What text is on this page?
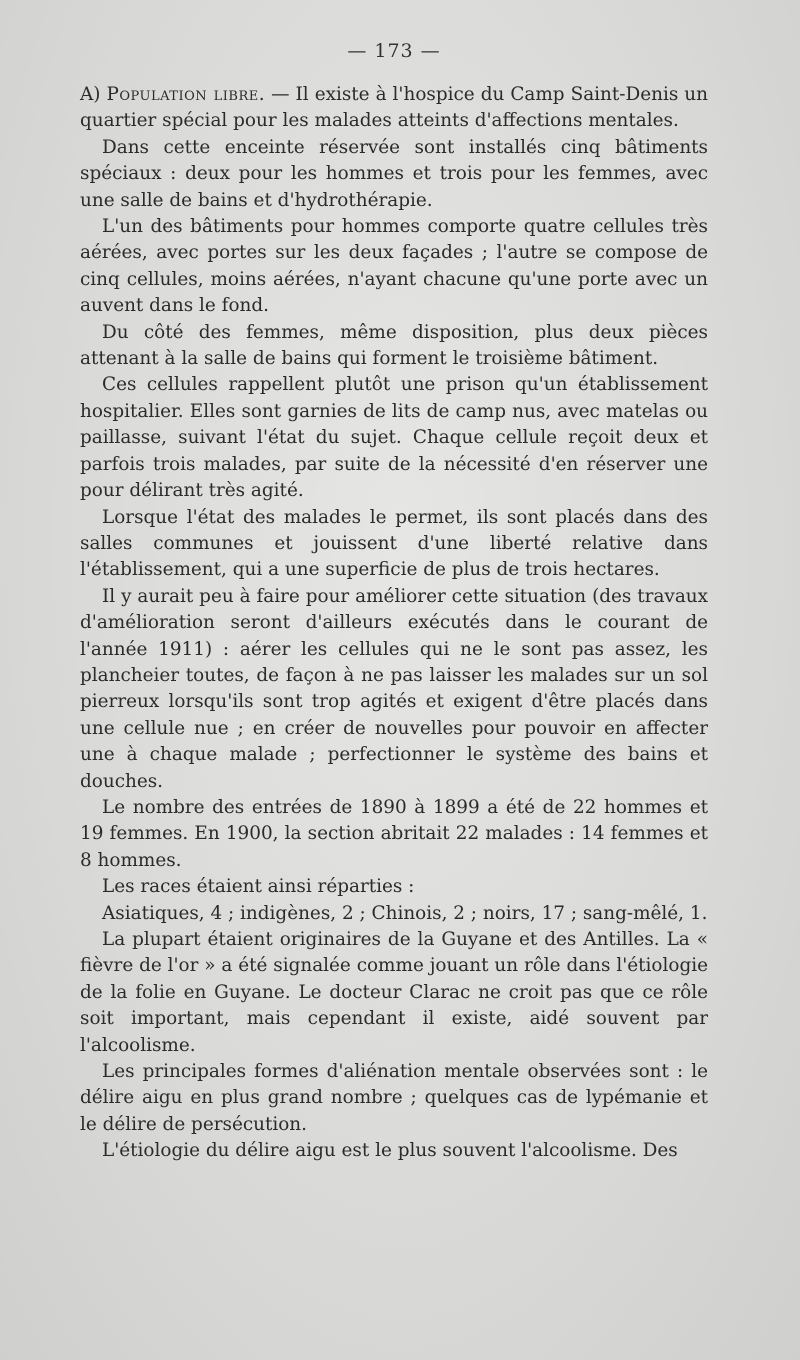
— 173 —

A) Population libre. — Il existe à l'hospice du Camp Saint-Denis un quartier spécial pour les malades atteints d'affections mentales.

Dans cette enceinte réservée sont installés cinq bâtiments spéciaux : deux pour les hommes et trois pour les femmes, avec une salle de bains et d'hydrothérapie.

L'un des bâtiments pour hommes comporte quatre cellules très aérées, avec portes sur les deux façades ; l'autre se compose de cinq cellules, moins aérées, n'ayant chacune qu'une porte avec un auvent dans le fond.

Du côté des femmes, même disposition, plus deux pièces attenant à la salle de bains qui forment le troisième bâtiment.

Ces cellules rappellent plutôt une prison qu'un établissement hospitalier. Elles sont garnies de lits de camp nus, avec matelas ou paillasse, suivant l'état du sujet. Chaque cellule reçoit deux et parfois trois malades, par suite de la nécessité d'en réserver une pour délirant très agité.

Lorsque l'état des malades le permet, ils sont placés dans des salles communes et jouissent d'une liberté relative dans l'établissement, qui a une superficie de plus de trois hectares.

Il y aurait peu à faire pour améliorer cette situation (des travaux d'amélioration seront d'ailleurs exécutés dans le courant de l'année 1911) : aérer les cellules qui ne le sont pas assez, les plancheier toutes, de façon à ne pas laisser les malades sur un sol pierreux lorsqu'ils sont trop agités et exigent d'être placés dans une cellule nue ; en créer de nouvelles pour pouvoir en affecter une à chaque malade ; perfectionner le système des bains et douches.

Le nombre des entrées de 1890 à 1899 a été de 22 hommes et 19 femmes. En 1900, la section abritait 22 malades : 14 femmes et 8 hommes.

Les races étaient ainsi réparties :

Asiatiques, 4 ; indigènes, 2 ; Chinois, 2 ; noirs, 17 ; sang-mêlé, 1.

La plupart étaient originaires de la Guyane et des Antilles. La « fièvre de l'or » a été signalée comme jouant un rôle dans l'étiologie de la folie en Guyane. Le docteur Clarac ne croit pas que ce rôle soit important, mais cependant il existe, aidé souvent par l'alcoolisme.

Les principales formes d'aliénation mentale observées sont : le délire aigu en plus grand nombre ; quelques cas de lypémanie et le délire de persécution.

L'étiologie du délire aigu est le plus souvent l'alcoolisme. Des
